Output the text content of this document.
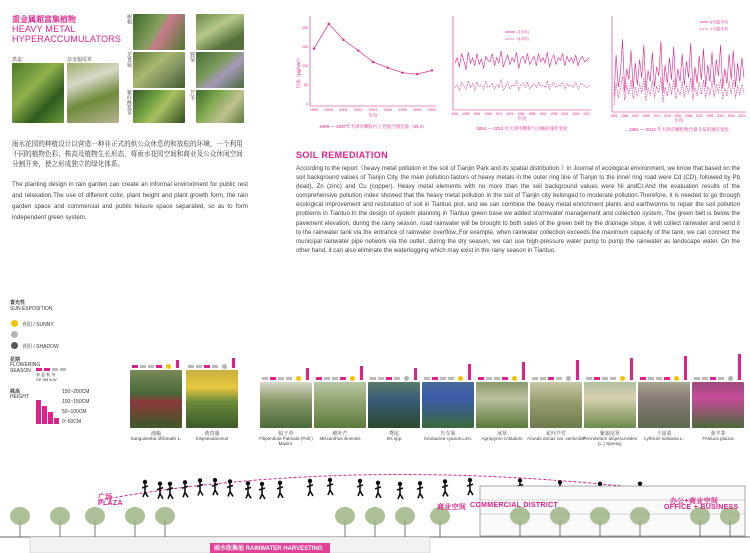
重金属超富集植物
HEAVY METAL
HYPERACCUMULATORS
黑麦	杂交狼尾草
树根
芜菁属
紫叶酢浆草
野菊
芦苇
雨水花园的种植设计以营造一种非正式的供公众休息的和放松的环境，一个利用不同的植物色彩、株高及植物生长形态，将雨水花园空间和商业及公众休闲空间分割开来，使之形成独立的绿化体系。
The planting design in rain garden can create an informal environment for public rest and relaxation.The use of different color, plant height and plant growth form, the rain garden space and commercial and public leisure space separated, so as to form independent green system.
污染（μg/Nm³）
1999 2000 2001 2002 2003 2004 2005 2006 2007
0
50
100
150
200
年份
1999 — 2007年天津市颗粒污工党航空图室量（55.1）
月平均
年平均
1951 1956 1961 1966 1971 1976 1981 1986 1991 1996 2001 2006 2011
年份
1951 — 2012 年天津市颗粒气白额的速年变化
6月数平均
7月数平均
1951 1956 1961 1966 1971 1976 1981 1986 1991 1996 2001 2006 2011
年份
1951 — 2012 年天津市颗粒物含量分布的速年变化
SOIL REMEDIATION
According to the report《heavy metal pollution in the soil of Tianjin Park and its spatial distribution 》in Journal of ecological environment, we know that based on the soil background values of Tianjin City, the main pollution factors of heavy metals in the outer ring line of Tianjin to the inner ring road were Cd (CD), followed by Pb (lead), Zn (zinc) and Cu (copper). Heavy metal elements with no more than the soil background values were Ni andCr.And the evaluation results of the comprehensive pollution index showed that the heavy metal pollution in the soil of Tianjin city belonged to moderate pollution.Therefore, it is needed to go through ecological improvement and restoration of soil in Tiantuo plot, and we can combine the heavy metal enrichment plants and earthworms to repair the soil pollution problems in Tiantuo.In the design of system planning in Tiantuo green base we added stormwater management and collection system, The green belt is below the pavement elevation, during the rainy season, road rainwater will be brought to both sides of the green belt by the drainage slope, it will collect rainwater and send it to the rainwater tank via the entrance of rainwater overflow.,For example, when rainwater collection exceeds the maximum capacity of the tank, we can connect the municipal rainwater pipe network via the outlet. during the dry season, we can use high-pressure water pump to pump the rainwater as landscape water. On the other hand, it can also eliminate the waterlogging which may exist in the rainy season in Tiantuo.
喜光性
SUN EXPOSITION
喜阳 / SUNNY
喜阴 / SHADOW
花期
FLOWERING
SEASON
春 夏 秋 冬
SP SM A W
株高
HEIGHT
150~200CM
100~150CM
50~100CM
0~50CM
地榆
Sanguisorba officinalis L.
黄菖蒲
Irispseudacorus
蚊子草
Filipendula Palmata (Pall.) Maxim.
细叶芒
Miscanthus sinensis
鸢尾
Iris spp
矢车菊
Centaurea cyanus Linn.
冰草
Agropyron cristatum
花叶芦竹
Arundo donax var. versicolor
紫狼尾草
Pennisetum alopecuroides (L.) Spreng.
千屈菜
Lythrum salicaria L.
蓝羊茅
Festuca glauca
广场
PLAZA
商业空间 COMMERCIAL DISTRICT
办公+商业空间
OFFICE + BUSINESS
雨水收集池 RAINWATER HARVESTING
